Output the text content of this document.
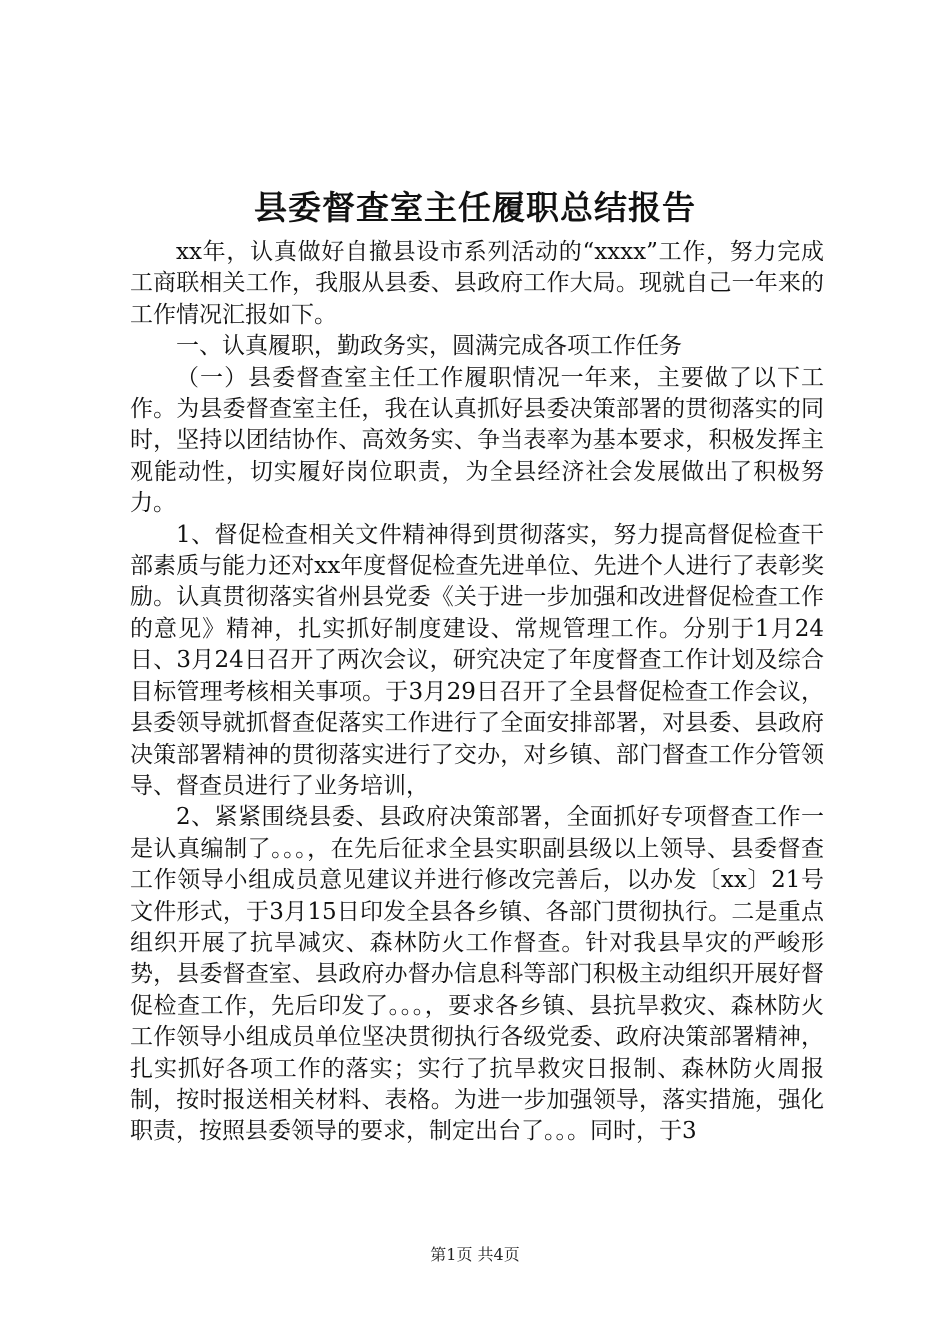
县委督查室主任履职总结报告

xx年，认真做好自撤县设市系列活动的“xxxx”工作，努力完成工商联相关工作，我服从县委、县政府工作大局。现就自己一年来的工作情况汇报如下。

一、认真履职，勤政务实，圆满完成各项工作任务

（一）县委督查室主任工作履职情况一年来，主要做了以下工作。为县委督查室主任，我在认真抓好县委决策部署的贯彻落实的同时，坚持以团结协作、高效务实、争当表率为基本要求，积极发挥主观能动性，切实履好岗位职责，为全县经济社会发展做出了积极努力。

1、督促检查相关文件精神得到贯彻落实，努力提高督促检查干部素质与能力还对xx年度督促检查先进单位、先进个人进行了表彰奖励。认真贯彻落实省州县党委《关于进一步加强和改进督促检查工作的意见》精神，扎实抓好制度建设、常规管理工作。分别于1月24日、3月24日召开了两次会议，研究决定了年度督查工作计划及综合目标管理考核相关事项。于3月29日召开了全县督促检查工作会议，县委领导就抓督查促落实工作进行了全面安排部署，对县委、县政府决策部署精神的贯彻落实进行了交办，对乡镇、部门督查工作分管领导、督查员进行了业务培训，

2、紧紧围绕县委、县政府决策部署，全面抓好专项督查工作一是认真编制了。。。，在先后征求全县实职副县级以上领导、县委督查工作领导小组成员意见建议并进行修改完善后，以办发〔xx〕21号文件形式，于3月15日印发全县各乡镇、各部门贯彻执行。二是重点组织开展了抗旱减灾、森林防火工作督查。针对我县旱灾的严峻形势，县委督查室、县政府办督办信息科等部门积极主动组织开展好督促检查工作，先后印发了。。。，要求各乡镇、县抗旱救灾、森林防火工作领导小组成员单位坚决贯彻执行各级党委、政府决策部署精神，扎实抓好各项工作的落实；实行了抗旱救灾日报制、森林防火周报制，按时报送相关材料、表格。为进一步加强领导，落实措施，强化职责，按照县委领导的要求，制定出台了。。。同时，于3

第1页 共4页
